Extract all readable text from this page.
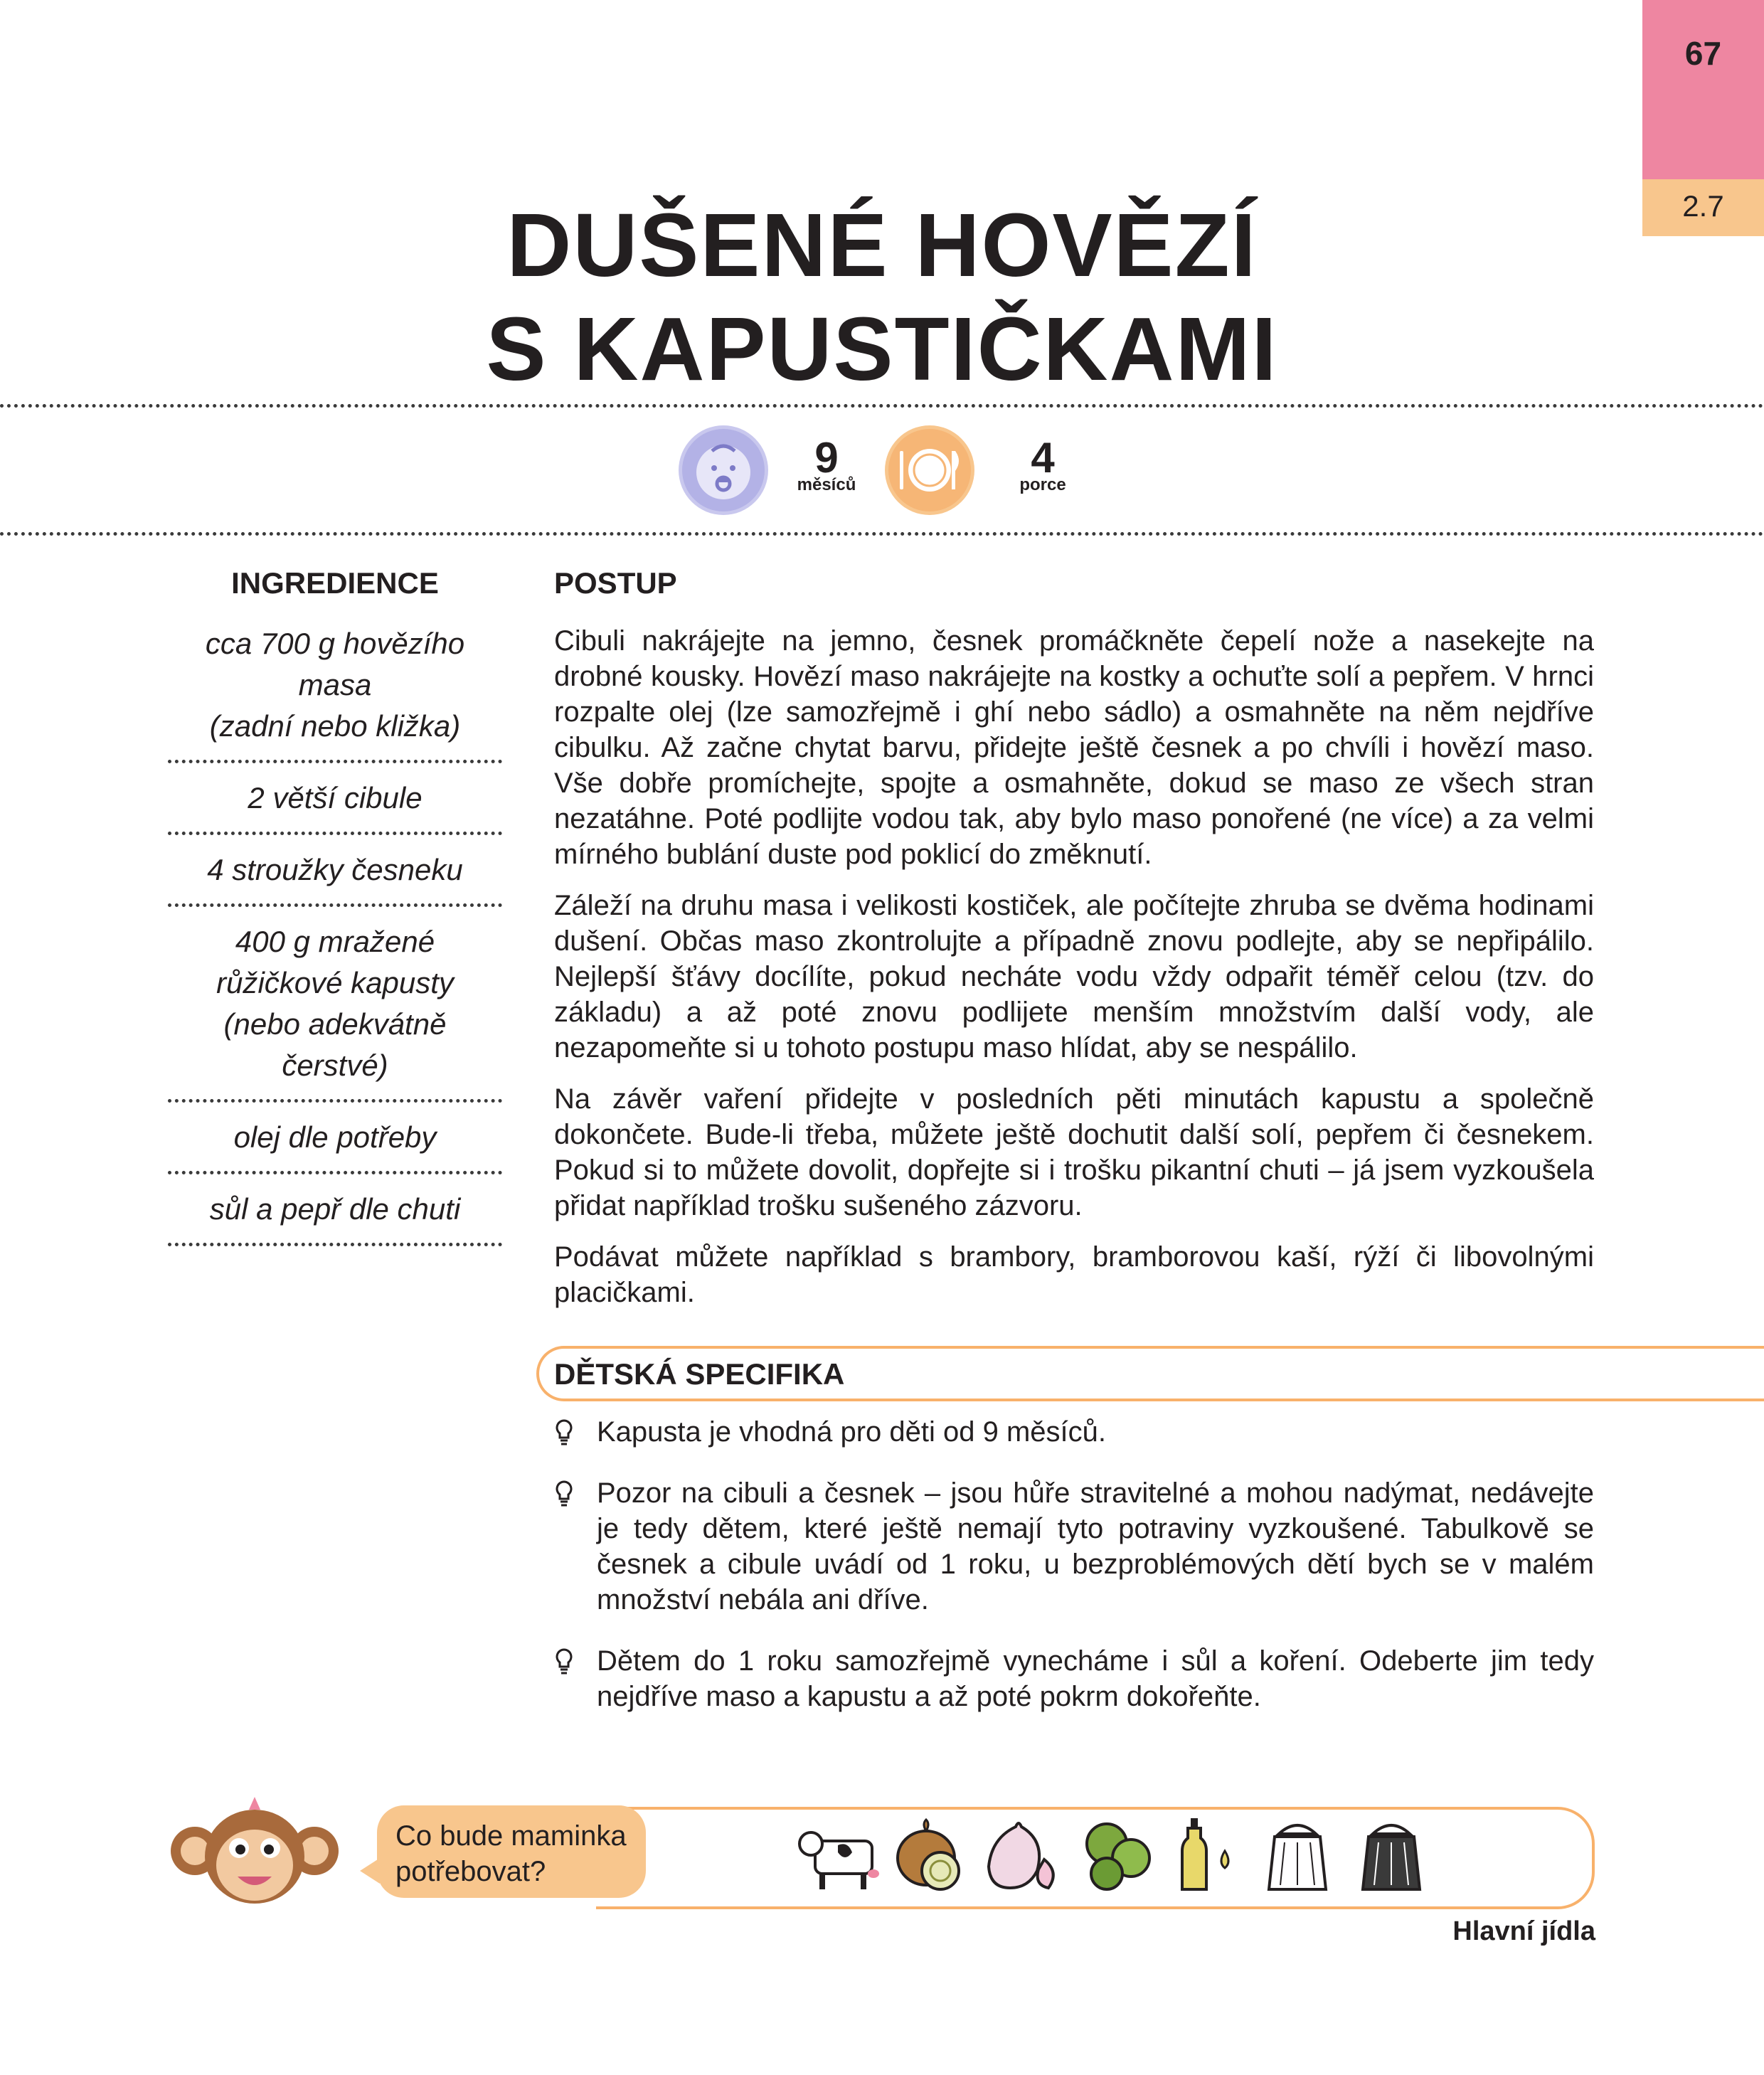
67
2.7
DUŠENÉ HOVĚZÍ
S KAPUSTIČKAMI
9
měsíců
4
porce
INGREDIENCE
cca 700 g hovězího masa
(zadní nebo kližka)
2 větší cibule
4 stroužky česneku
400 g mražené
růžičkové kapusty
(nebo adekvátně čerstvé)
olej dle potřeby
sůl a pepř dle chuti
POSTUP

Cibuli nakrájejte na jemno, česnek promáčkněte čepelí nože a nasekejte na drobné kousky. Hovězí maso nakrájejte na kostky a ochuťte solí a pepřem. V hrnci rozpalte olej (lze samozřejmě i ghí nebo sádlo) a osmahněte na něm nejdříve cibulku. Až začne chytat barvu, přidejte ještě česnek a po chvíli i hovězí maso. Vše dobře promíchejte, spojte a osmahněte, dokud se maso ze všech stran nezatáhne. Poté podlijte vodou tak, aby bylo maso ponořené (ne více) a za velmi mírného bublání duste pod poklicí do změknutí.

Záleží na druhu masa i velikosti kostiček, ale počítejte zhruba se dvěma hodinami dušení. Občas maso zkontrolujte a případně znovu podlejte, aby se nepřipálilo. Nejlepší šťávy docílíte, pokud necháte vodu vždy odpařit téměř celou (tzv. do základu) a až poté znovu podlijete menším množstvím další vody, ale nezapomeňte si u tohoto postupu maso hlídat, aby se nespálilo.

Na závěr vaření přidejte v posledních pěti minutách kapustu a společně dokončete. Bude-li třeba, můžete ještě dochutit další solí, pepřem či česnekem. Pokud si to můžete dovolit, dopřejte si i trošku pikantní chuti – já jsem vyzkoušela přidat například trošku sušeného zázvoru.

Podávat můžete například s brambory, bramborovou kaší, rýží či libovolnými placičkami.

DĚTSKÁ SPECIFIKA
Kapusta je vhodná pro děti od 9 měsíců.
Pozor na cibuli a česnek – jsou hůře stravitelné a mohou nadýmat, nedávejte je tedy dětem, které ještě nemají tyto potraviny vyzkoušené. Tabulkově se česnek a cibule uvádí od 1 roku, u bezproblémových dětí bych se v malém množství nebála ani dříve.
Dětem do 1 roku samozřejmě vynecháme i sůl a koření. Odeberte jim tedy nejdříve maso a kapustu a až poté pokrm dokořeňte.
Co bude maminka
potřebovat?
Hlavní jídla
